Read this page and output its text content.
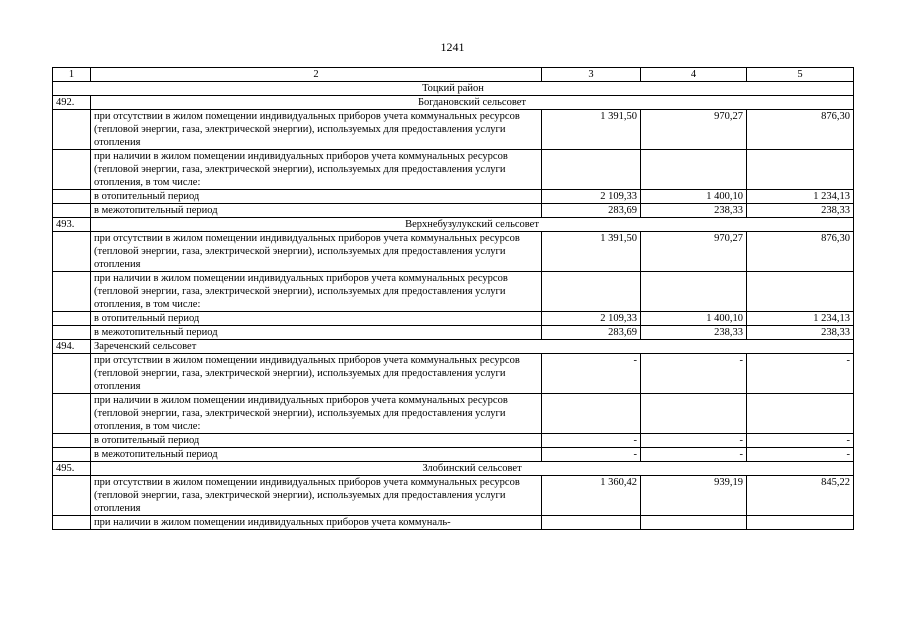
1241
1	2	3	4	5
Тоцкий район				
492.	Богдановский сельсовет			
	при отсутствии в жилом помещении индивидуальных приборов учета коммунальных ресурсов (тепловой энергии, газа, электрической энергии), используемых для предоставления услуги отопления	1 391,50	970,27	876,30
	при наличии в жилом помещении индивидуальных приборов учета коммунальных ресурсов (тепловой энергии, газа, электрической энергии), используемых для предоставления услуги отопления, в том числе:			
	в отопительный период	2 109,33	1 400,10	1 234,13
	в межотопительный период	283,69	238,33	238,33
493.	Верхнебузулукский сельсовет			
	при отсутствии в жилом помещении индивидуальных приборов учета коммунальных ресурсов (тепловой энергии, газа, электрической энергии), используемых для предоставления услуги отопления	1 391,50	970,27	876,30
	при наличии в жилом помещении индивидуальных приборов учета коммунальных ресурсов (тепловой энергии, газа, электрической энергии), используемых для предоставления услуги отопления, в том числе:			
	в отопительный период	2 109,33	1 400,10	1 234,13
	в межотопительный период	283,69	238,33	238,33
494.	Зареченский сельсовет			
	при отсутствии в жилом помещении индивидуальных приборов учета коммунальных ресурсов (тепловой энергии, газа, электрической энергии), используемых для предоставления услуги отопления	-	-	-
	при наличии в жилом помещении индивидуальных приборов учета коммунальных ресурсов (тепловой энергии, газа, электрической энергии), используемых для предоставления услуги отопления, в том числе:			
	в отопительный период	-	-	-
	в межотопительный период	-	-	-
495.	Злобинский сельсовет			
	при отсутствии в жилом помещении индивидуальных приборов учета коммунальных ресурсов (тепловой энергии, газа, электрической энергии), используемых для предоставления услуги отопления	1 360,42	939,19	845,22
	при наличии в жилом помещении индивидуальных приборов учета коммуналь-			
